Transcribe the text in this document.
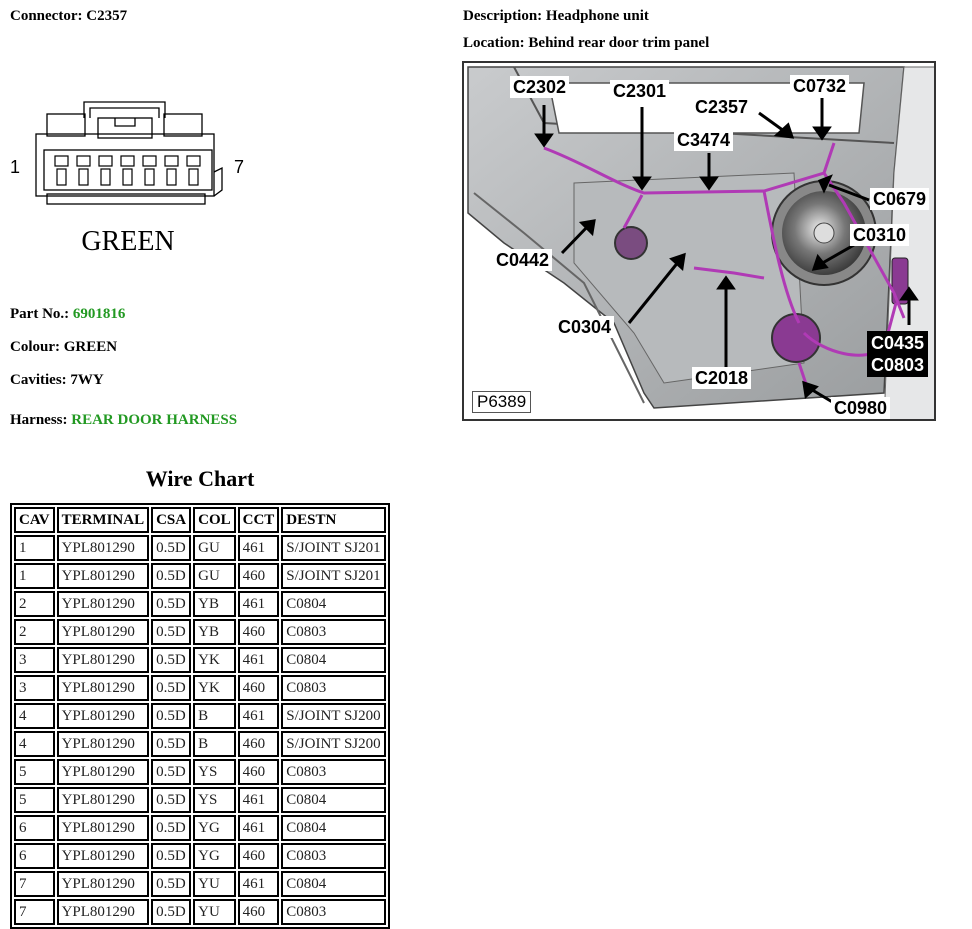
Connector: C2357	Description: Headphone unit
Location: Behind rear door trim panel
1	7
GREEN
Part No.: 6901816
Colour: GREEN
Cavities: 7WY
Harness: REAR DOOR HARNESS
Wire Chart
CAV	TERMINAL	CSA	COL	CCT	DESTN
1	YPL801290	0.5D	GU	461	S/JOINT SJ201
1	YPL801290	0.5D	GU	460	S/JOINT SJ201
2	YPL801290	0.5D	YB	461	C0804
2	YPL801290	0.5D	YB	460	C0803
3	YPL801290	0.5D	YK	461	C0804
3	YPL801290	0.5D	YK	460	C0803
4	YPL801290	0.5D	B	461	S/JOINT SJ200
4	YPL801290	0.5D	B	460	S/JOINT SJ200
5	YPL801290	0.5D	YS	460	C0803
5	YPL801290	0.5D	YS	461	C0804
6	YPL801290	0.5D	YG	461	C0804
6	YPL801290	0.5D	YG	460	C0803
7	YPL801290	0.5D	YU	461	C0804
7	YPL801290	0.5D	YU	460	C0803
C2302	C2301
C2357
C0732
C3474
C0679
C0442
C0310
C0304
C0435
C0803
C2018
C0980
P6389
